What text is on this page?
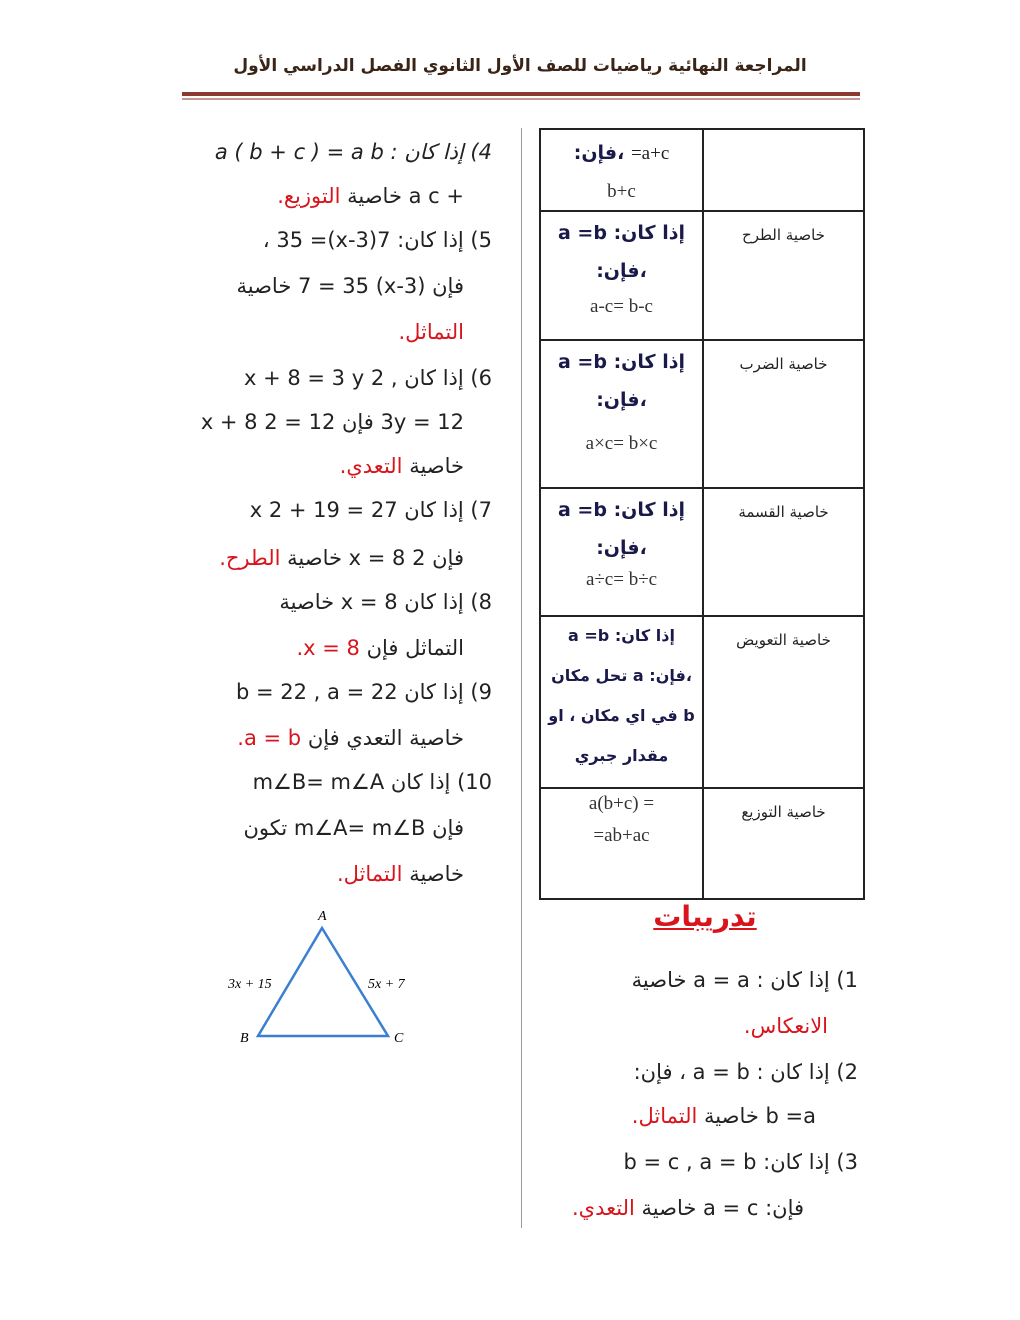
المراجعة النهائية رياضيات للصف الأول الثانوي الفصل الدراسي الأول
4) إذا كان : a ( b + c ) = a b
+ a c خاصية التوزيع.
5) إذا كان: 7(x-3)= 35 ،
فإن (x-3) 7 = 35 خاصية
التماثل.
6) إذا كان , 2 x + 8 = 3 y
3y = 12 فإن 12 = 2 x + 8
خاصية التعدي.
7) إذا كان 27 = 19 + 2 x
فإن 2 x = 8 خاصية الطرح.
8) إذا كان 8 = x خاصية
التماثل فإن x = 8.
9) إذا كان b = 22 , a = 22
خاصية التعدي فإن a = b.
10) إذا كان m∠B= m∠A
فإن m∠A= m∠B تكون
خاصية التماثل.
A
B	C
3x + 15	5x + 7
a+c= ،فإن:
b+c	

إذا كان: a =b
،فإن:
a-c= b-c	خاصية الطرح

إذا كان: a =b
،فإن:
a×c= b×c	خاصية الضرب

إذا كان: a =b
،فإن:
a÷c= b÷c	خاصية القسمة

إذا كان: a =b
،فإن: a تحل مكان
b في اي مكان ، او
مقدار جبري	خاصية التعويض

a(b+c) =
=ab+ac	خاصية التوزيع
تدريبات
1) إذا كان : a = a خاصية
الانعكاس.
2) إذا كان : a = b ، فإن:
b =a خاصية التماثل.
3) إذا كان: b = c , a = b
فإن: a = c خاصية التعدي.
